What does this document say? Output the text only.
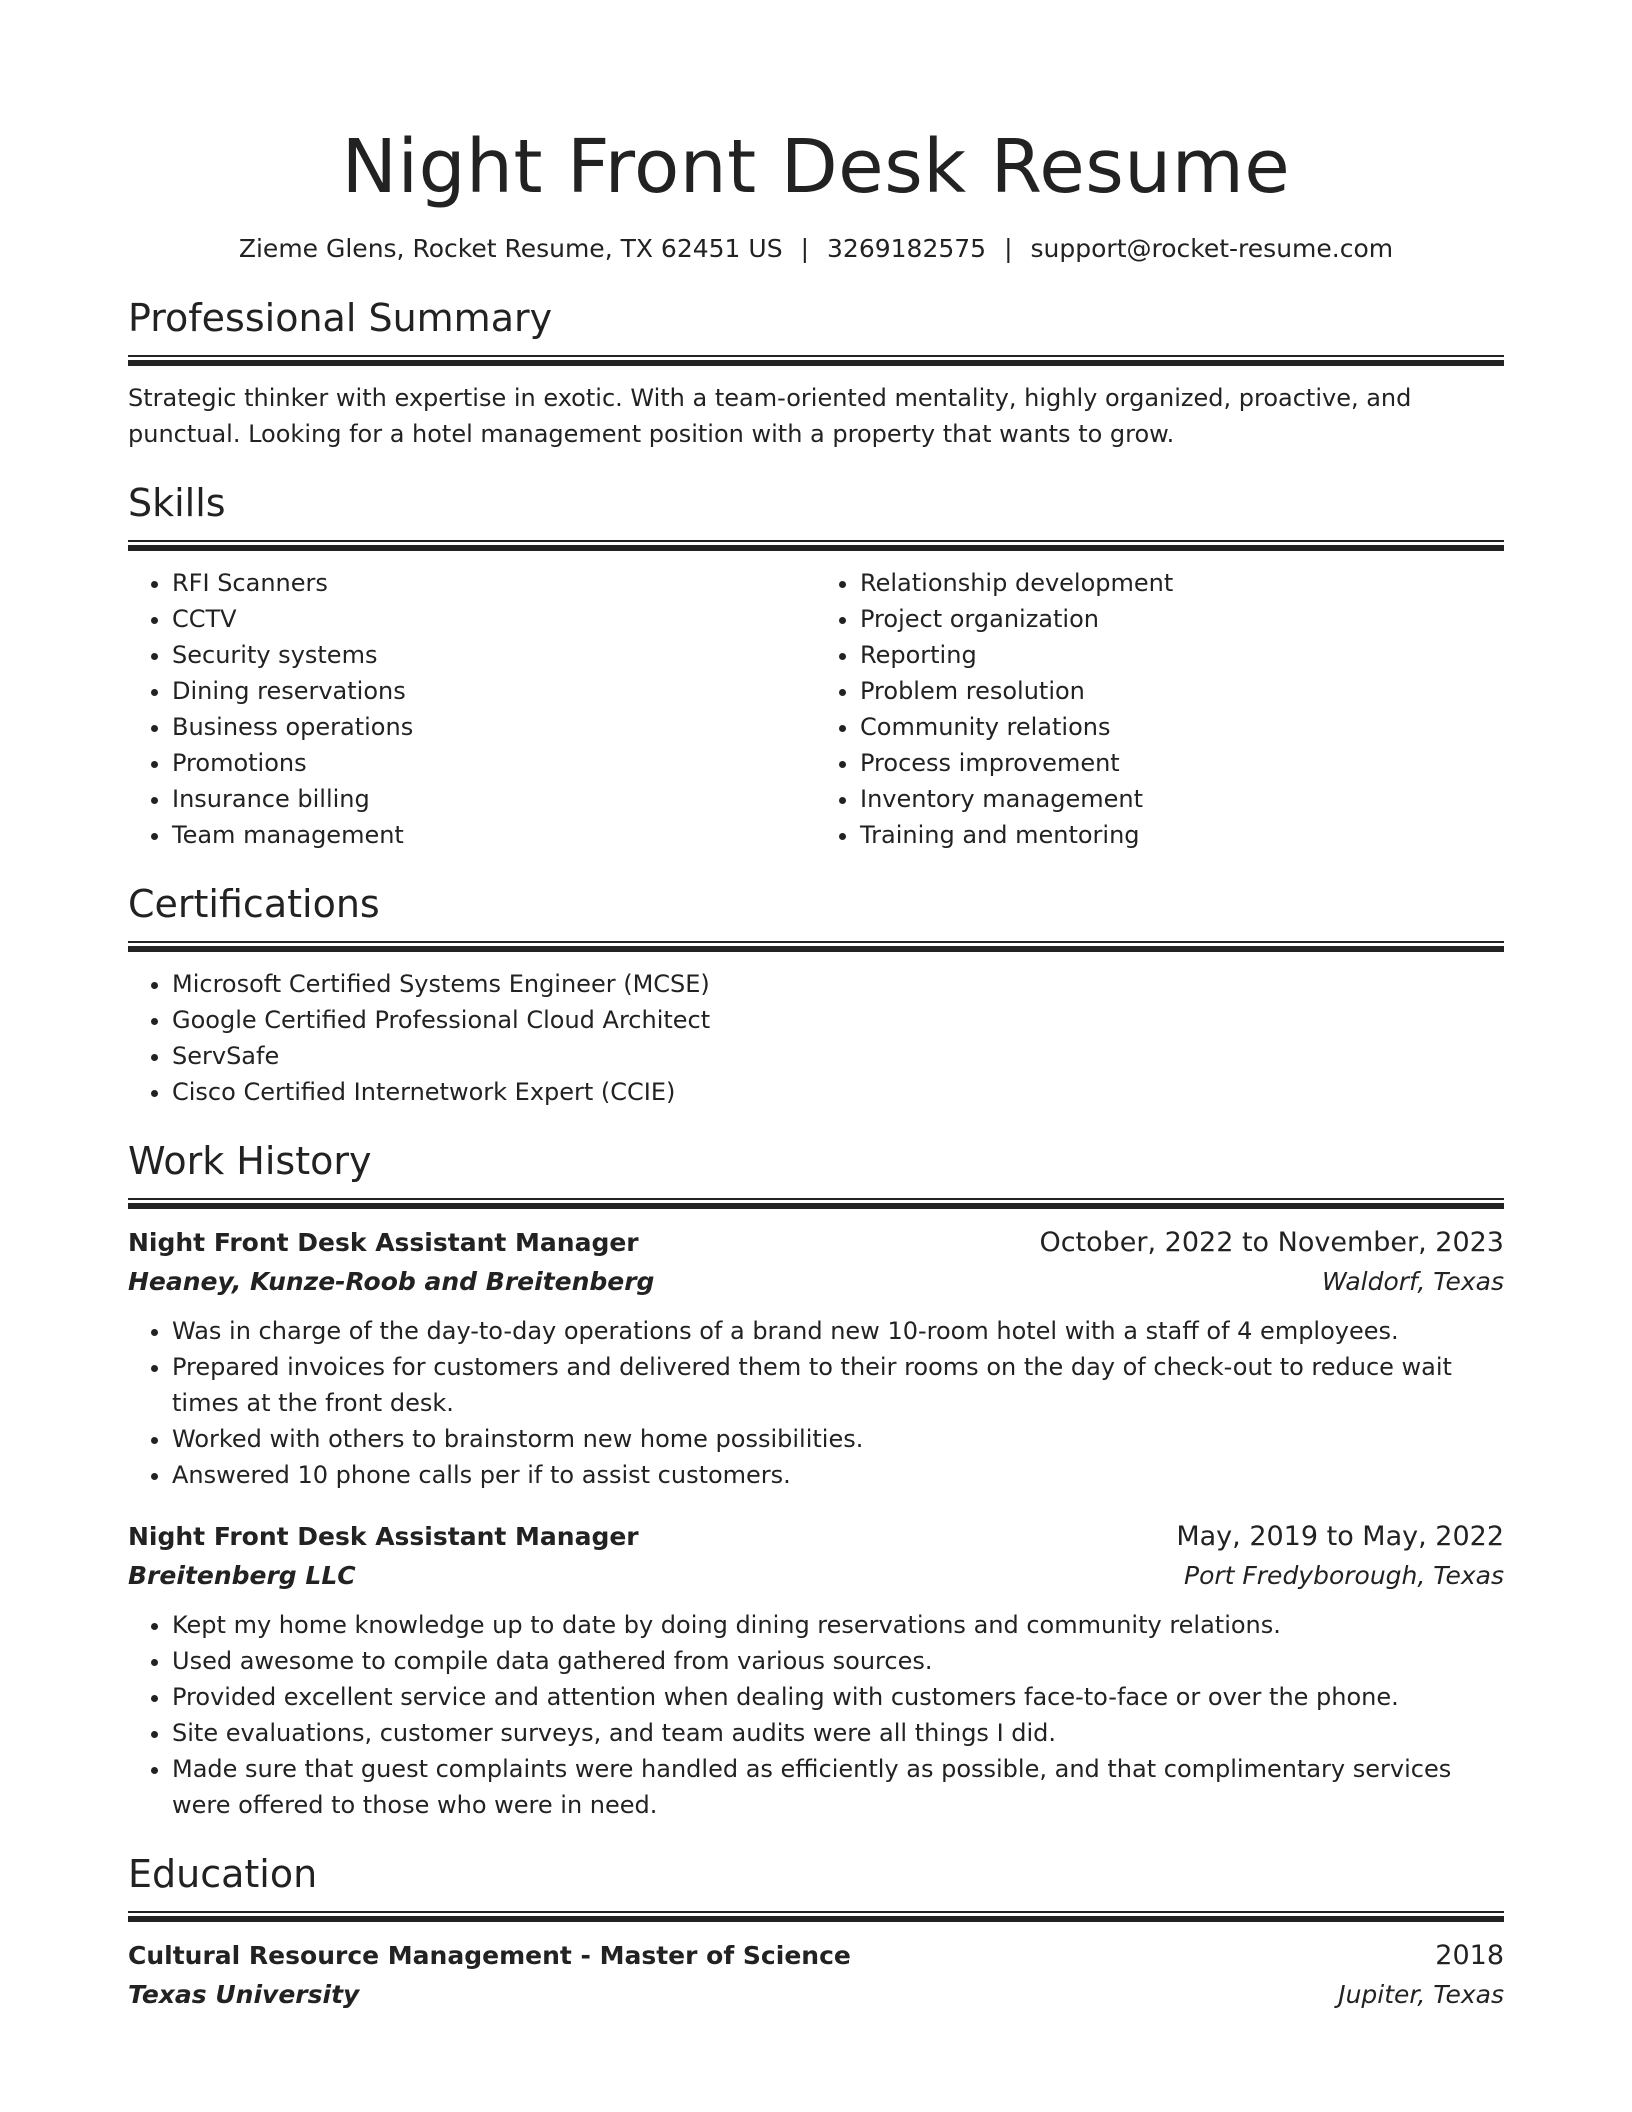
Night Front Desk Resume
Zieme Glens, Rocket Resume, TX 62451 US | 3269182575 | support@rocket-resume.com
Professional Summary

Strategic thinker with expertise in exotic. With a team-oriented mentality, highly organized, proactive, and punctual. Looking for a hotel management position with a property that wants to grow.

Skills
• RFI Scanners
• CCTV
• Security systems
• Dining reservations
• Business operations
• Promotions
• Insurance billing
• Team management
• Relationship development
• Project organization
• Reporting
• Problem resolution
• Community relations
• Process improvement
• Inventory management
• Training and mentoring
Certifications
• Microsoft Certified Systems Engineer (MCSE)
• Google Certified Professional Cloud Architect
• ServSafe
• Cisco Certified Internetwork Expert (CCIE)
Work History
Night Front Desk Assistant Manager	October, 2022 to November, 2023
Heaney, Kunze-Roob and Breitenberg	Waldorf, Texas
• Was in charge of the day-to-day operations of a brand new 10-room hotel with a staff of 4 employees.
• Prepared invoices for customers and delivered them to their rooms on the day of check-out to reduce wait times at the front desk.
• Worked with others to brainstorm new home possibilities.
• Answered 10 phone calls per if to assist customers.
Night Front Desk Assistant Manager	May, 2019 to May, 2022
Breitenberg LLC	Port Fredyborough, Texas
• Kept my home knowledge up to date by doing dining reservations and community relations.
• Used awesome to compile data gathered from various sources.
• Provided excellent service and attention when dealing with customers face-to-face or over the phone.
• Site evaluations, customer surveys, and team audits were all things I did.
• Made sure that guest complaints were handled as efficiently as possible, and that complimentary services were offered to those who were in need.
Education
Cultural Resource Management - Master of Science	2018
Texas University	Jupiter, Texas
